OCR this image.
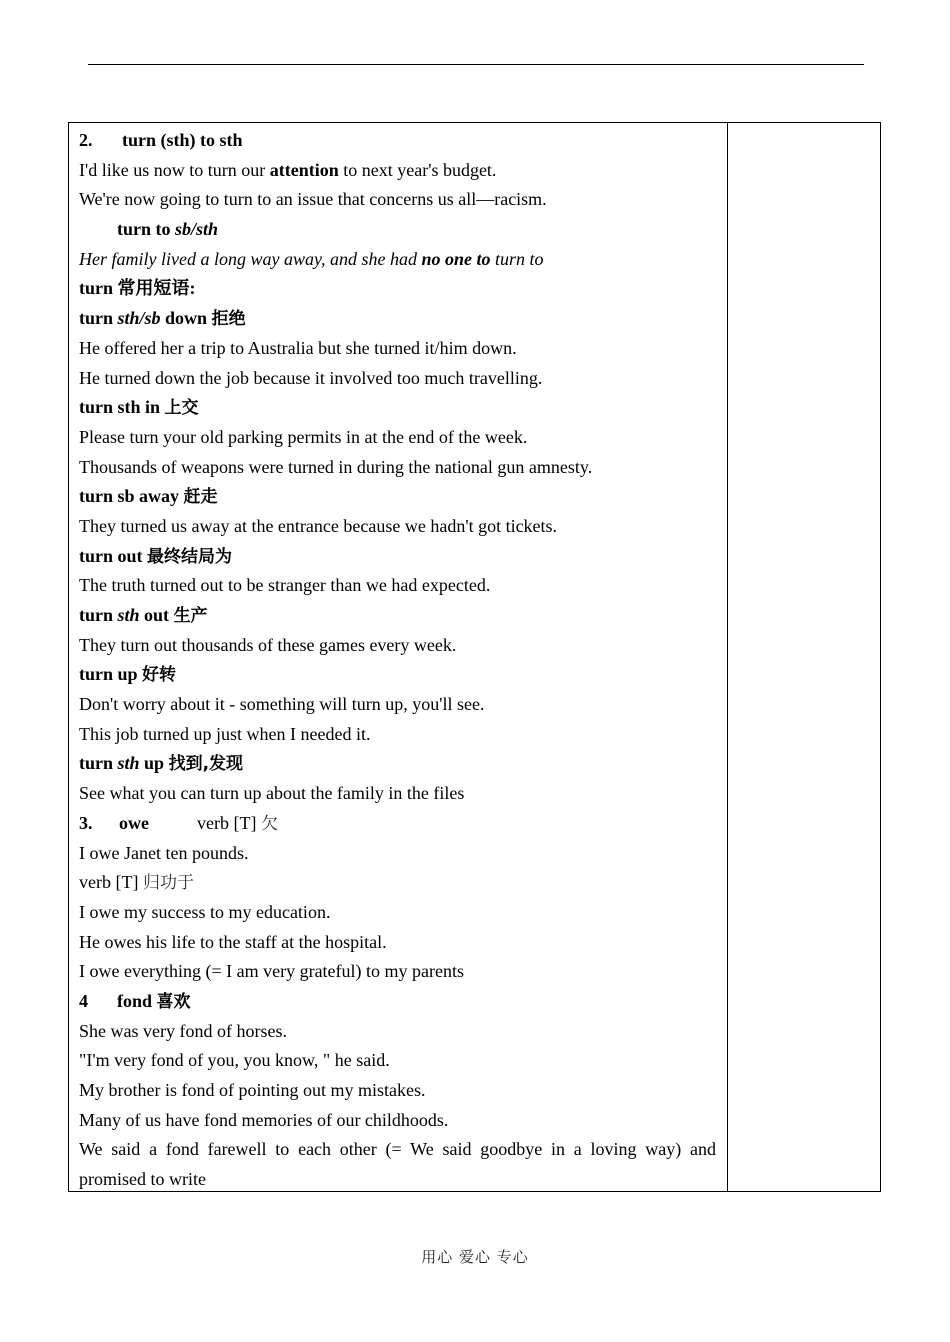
2. turn (sth) to sth
I'd like us now to turn our attention to next year's budget.
We're now going to turn to an issue that concerns us all—racism.
turn to sb/sth
Her family lived a long way away, and she had no one to turn to
turn 常用短语:
turn sth/sb down 拒绝
He offered her a trip to Australia but she turned it/him down.
He turned down the job because it involved too much travelling.
turn sth in 上交
Please turn your old parking permits in at the end of the week.
Thousands of weapons were turned in during the national gun amnesty.
turn sb away 赶走
They turned us away at the entrance because we hadn't got tickets.
turn out 最终结局为
The truth turned out to be stranger than we had expected.
turn sth out 生产
They turn out thousands of these games every week.
turn up 好转
Don't worry about it - something will turn up, you'll see.
This job turned up just when I needed it.
turn sth up 找到,发现
See what you can turn up about the family in the files
3. owe	verb [T] 欠
I owe Janet ten pounds.
verb [T] 归功于
I owe my success to my education.
He owes his life to the staff at the hospital.
I owe everything (= I am very grateful) to my parents
4 fond 喜欢
She was very fond of horses.
"I'm very fond of you, you know, " he said.
My brother is fond of pointing out my mistakes.
Many of us have fond memories of our childhoods.
We said a fond farewell to each other (= We said goodbye in a loving way) and promised to write
用心 爱心 专心
